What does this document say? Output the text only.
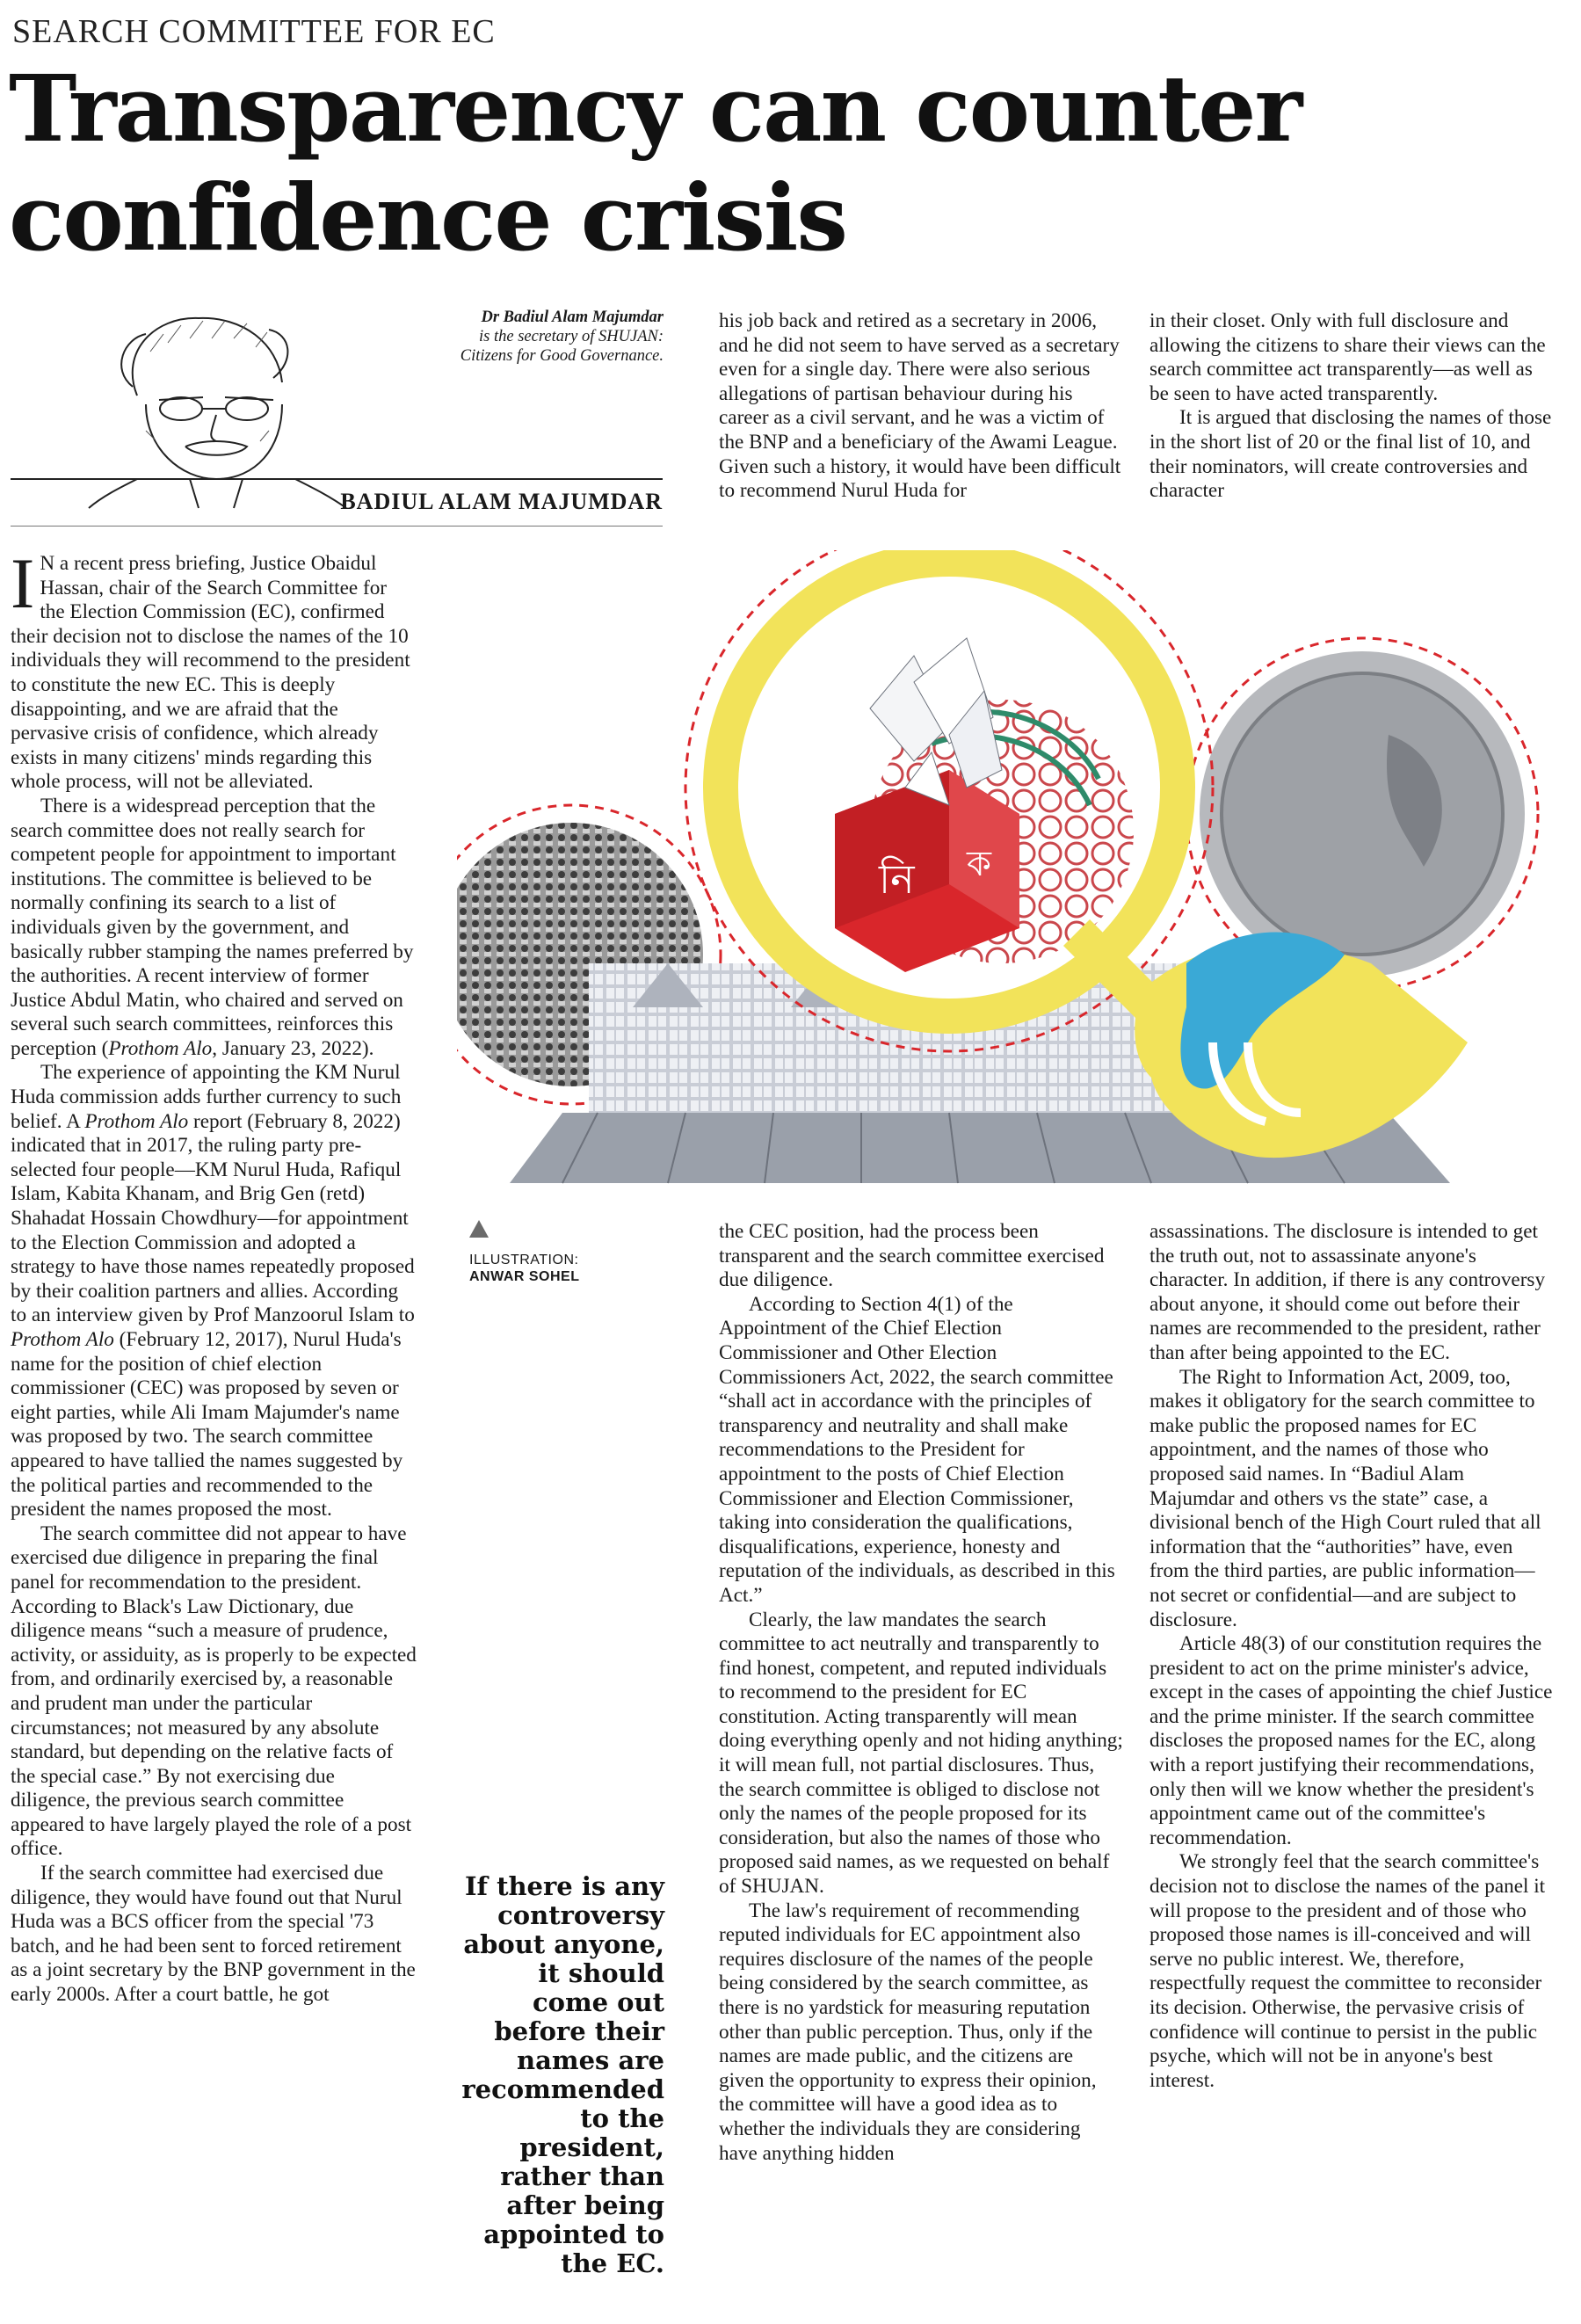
SEARCH COMMITTEE FOR EC
Transparency can counter
confidence crisis
Dr Badiul Alam Majumdar
is the secretary of SHUJAN:
Citizens for Good Governance.
BADIUL ALAM MAJUMDAR

his job back and retired as a secretary in 2006, and he did not seem to have served as a secretary even for a single day. There were also serious allegations of partisan behaviour during his career as a civil servant, and he was a victim of the BNP and a beneficiary of the Awami League. Given such a history, it would have been difficult to recommend Nurul Huda for

in their closet. Only with full disclosure and allowing the citizens to share their views can the search committee act transparently—as well as be seen to have acted transparently.

It is argued that disclosing the names of those in the short list of 20 or the final list of 10, and their nominators, will create controversies and character

I N a recent press briefing, Justice Obaidul Hassan, chair of the Search Committee for the Election Commission (EC), confirmed their decision not to disclose the names of the 10 individuals they will recommend to the president to constitute the new EC. This is deeply disappointing, and we are afraid that the pervasive crisis of confidence, which already exists in many citizens' minds regarding this whole process, will not be alleviated.

There is a widespread perception that the search committee does not really search for competent people for appointment to important institutions. The committee is believed to be normally confining its search to a list of individuals given by the government, and basically rubber stamping the names preferred by the authorities. A recent interview of former Justice Abdul Matin, who chaired and served on several such search committees, reinforces this perception (Prothom Alo, January 23, 2022).

The experience of appointing the KM Nurul Huda commission adds further currency to such belief. A Prothom Alo report (February 8, 2022) indicated that in 2017, the ruling party pre-selected four people—KM Nurul Huda, Rafiqul Islam, Kabita Khanam, and Brig Gen (retd) Shahadat Hossain Chowdhury—for appointment to the Election Commission and adopted a strategy to have those names repeatedly proposed by their coalition partners and allies. According to an interview given by Prof Manzoorul Islam to Prothom Alo (February 12, 2017), Nurul Huda's name for the position of chief election commissioner (CEC) was proposed by seven or eight parties, while Ali Imam Majumder's name was proposed by two. The search committee appeared to have tallied the names suggested by the political parties and recommended to the president the names proposed the most.

The search committee did not appear to have exercised due diligence in preparing the final panel for recommendation to the president. According to Black's Law Dictionary, due diligence means “such a measure of prudence, activity, or assiduity, as is properly to be expected from, and ordinarily exercised by, a reasonable and prudent man under the particular circumstances; not measured by any absolute standard, but depending on the relative facts of the special case.” By not exercising due diligence, the previous search committee appeared to have largely played the role of a post office.

If the search committee had exercised due diligence, they would have found out that Nurul Huda was a BCS officer from the special '73 batch, and he had been sent to forced retirement as a joint secretary by the BNP government in the early 2000s. After a court battle, he got

নি ক
ILLUSTRATION:
ANWAR SOHEL

the CEC position, had the process been transparent and the search committee exercised due diligence.

According to Section 4(1) of the Appointment of the Chief Election Commissioner and Other Election Commissioners Act, 2022, the search committee “shall act in accordance with the principles of transparency and neutrality and shall make recommendations to the President for appointment to the posts of Chief Election Commissioner and Election Commissioner, taking into consideration the qualifications, disqualifications, experience, honesty and reputation of the individuals, as described in this Act.”

Clearly, the law mandates the search committee to act neutrally and transparently to find honest, competent, and reputed individuals to recommend to the president for EC constitution. Acting transparently will mean doing everything openly and not hiding anything; it will mean full, not partial disclosures. Thus, the search committee is obliged to disclose not only the names of the people proposed for its consideration, but also the names of those who proposed said names, as we requested on behalf of SHUJAN.

The law's requirement of recommending reputed individuals for EC appointment also requires disclosure of the names of the people being considered by the search committee, as there is no yardstick for measuring reputation other than public perception. Thus, only if the names are made public, and the citizens are given the opportunity to express their opinion, the committee will have a good idea as to whether the individuals they are considering have anything hidden

assassinations. The disclosure is intended to get the truth out, not to assassinate anyone's character. In addition, if there is any controversy about anyone, it should come out before their names are recommended to the president, rather than after being appointed to the EC.

The Right to Information Act, 2009, too, makes it obligatory for the search committee to make public the proposed names for EC appointment, and the names of those who proposed said names. In “Badiul Alam Majumdar and others vs the state” case, a divisional bench of the High Court ruled that all information that the “authorities” have, even from the third parties, are public information—not secret or confidential—and are subject to disclosure.

Article 48(3) of our constitution requires the president to act on the prime minister's advice, except in the cases of appointing the chief Justice and the prime minister. If the search committee discloses the proposed names for the EC, along with a report justifying their recommendations, only then will we know whether the president's appointment came out of the committee's recommendation.

We strongly feel that the search committee's decision not to disclose the names of the panel it will propose to the president and of those who proposed those names is ill-conceived and will serve no public interest. We, therefore, respectfully request the committee to reconsider its decision. Otherwise, the pervasive crisis of confidence will continue to persist in the public psyche, which will not be in anyone's best interest.

If there is any controversy about anyone, it should come out before their names are recommended to the president, rather than after being appointed to the EC.
